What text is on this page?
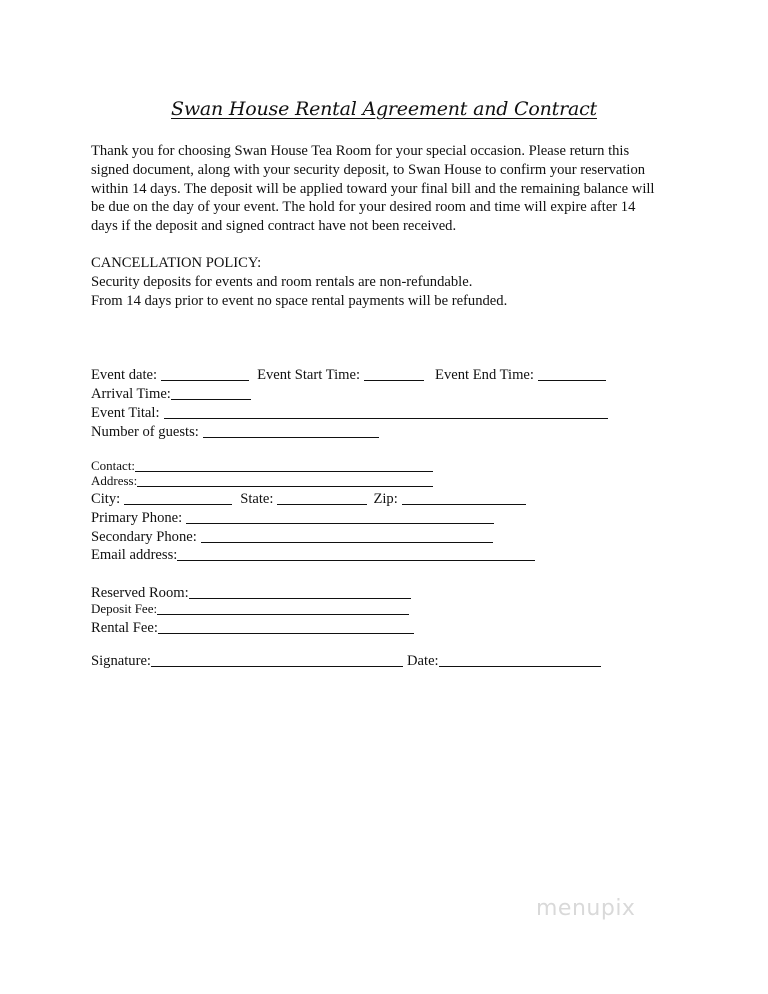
Swan House Rental Agreement and Contract

Thank you for choosing Swan House Tea Room for your special occasion. Please return this
signed document, along with your security deposit, to Swan House to confirm your reservation
within 14 days. The deposit will be applied toward your final bill and the remaining balance will
be due on the day of your event. The hold for your desired room and time will expire after 14
days if the deposit and signed contract have not been received.

CANCELLATION POLICY:
Security deposits for events and room rentals are non-refundable.
From 14 days prior to event no space rental payments will be refunded.

Event date:	Event Start Time:	Event End Time:
Arrival Time:
Event Tital:
Number of guests:
Contact:
Address:
City:	State:	Zip:
Primary Phone:
Secondary Phone:
Email address:
Reserved Room:
Deposit Fee:
Rental Fee:
Signature:	Date:
menupix
